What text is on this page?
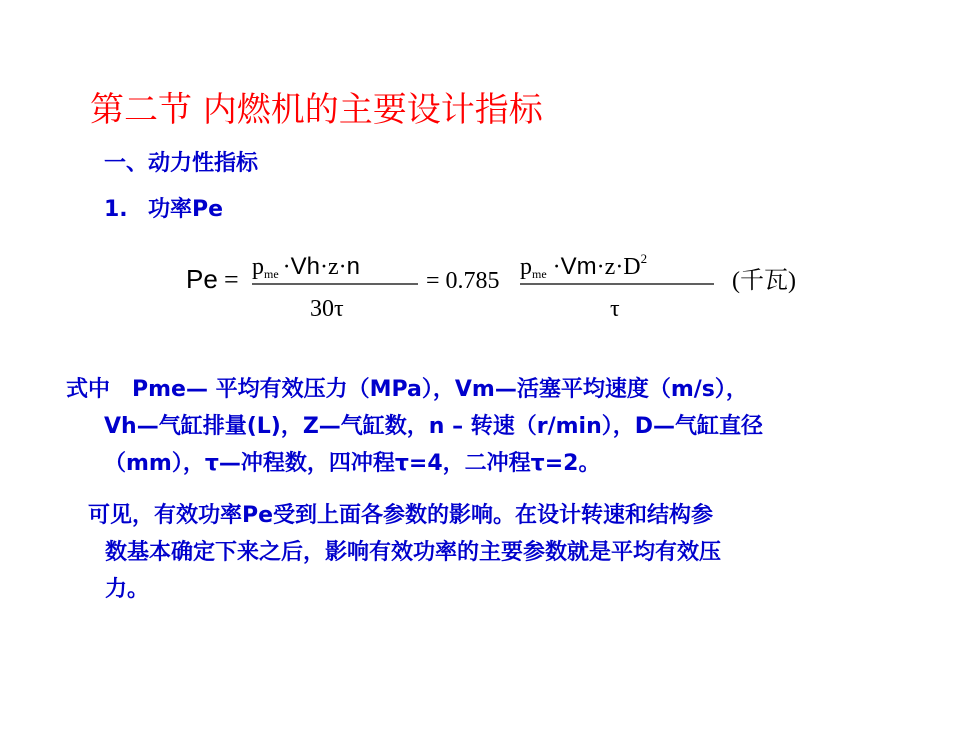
第二节 内燃机的主要设计指标
一、动力性指标
1. 功率Pe
Pe = pme ·Vh·z·n
30τ
= 0.785
pme $\cdot Vm\cdot z\cdot D^2$
τ
(千瓦)
式中　Pme— 平均有效压力（MPa），Vm—活塞平均速度（m/s），
Vh—气缸排量(L)，Z—气缸数，n – 转速（r/min），D—气缸直径
（mm），τ—冲程数，四冲程τ=4，二冲程τ=2。
可见，有效功率Pe受到上面各参数的影响。在设计转速和结构参
数基本确定下来之后，影响有效功率的主要参数就是平均有效压
力。
